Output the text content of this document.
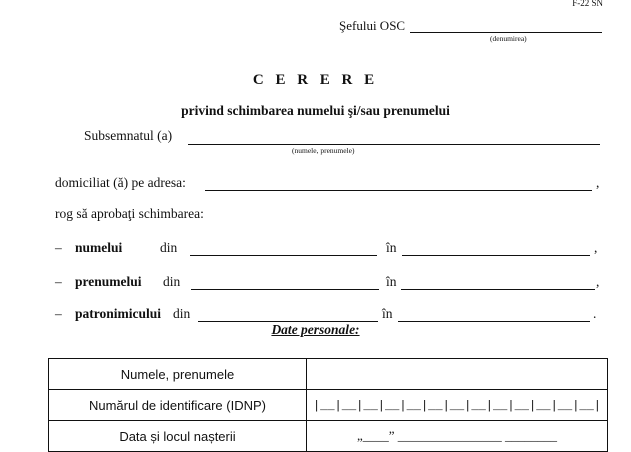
F-22 SN
Şefului OSC
(denumirea)
C E R E R E
privind schimbarea numelui şi/sau prenumelui
Subsemnatul (a)
(numele, prenumele)
domiciliat (ă) pe adresa:	,
rog să aprobaţi schimbarea:
– numelui	din	în	,
– prenumelui din	în	,
– patronimicului din	în	.
Date personale:
Numele, prenumele	
Numărul de identificare (IDNP)	|__|__|__|__|__|__|__|__|__|__|__|__|__|
Data și locul nașterii	„____” ________________ ________
